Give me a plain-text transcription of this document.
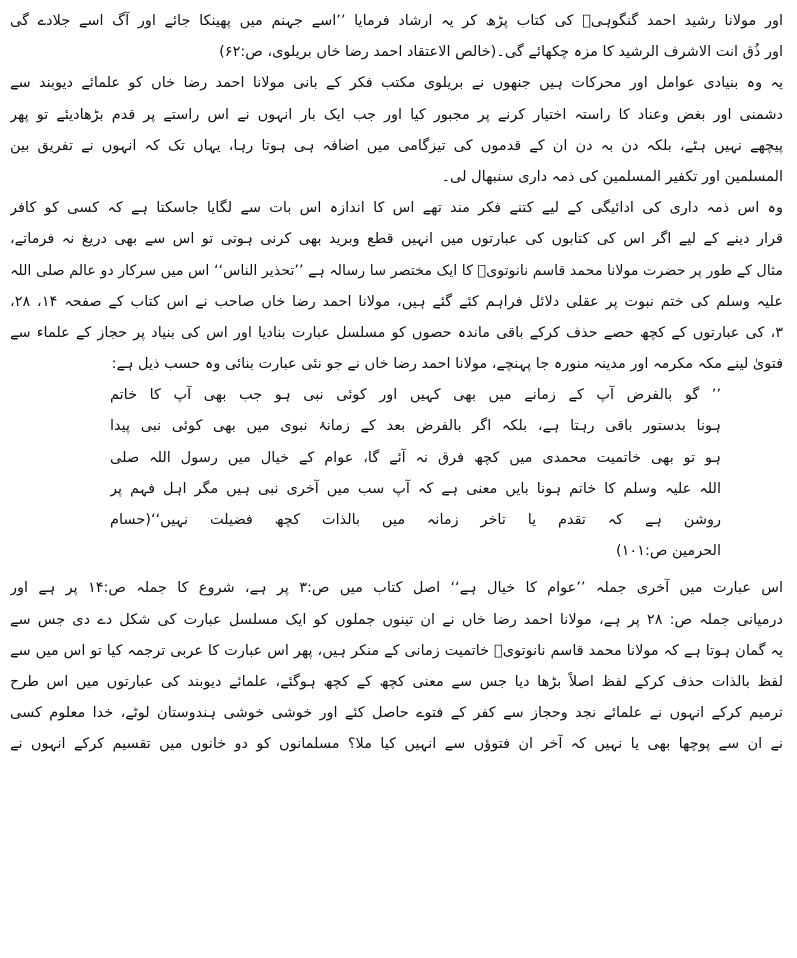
اور مولانا رشید احمد گنگوہیؒ کی کتاب پڑھ کر یہ ارشاد فرمایا ’’اسے جہنم میں پھینکا جائے اور آگ اسے جلادے گی
اور ذُق انت الاشرف الرشید کا مزہ چکھائے گی۔(خالص الاعتقاد احمد رضا خاں بریلوی، ص:۶۲)
یہ وہ بنیادی عوامل اور محرکات ہیں جنھوں نے بریلوی مکتب فکر کے بانی مولانا احمد رضا خاں کو علمائے دیوبند سے
دشمنی اور بغض وعناد کا راستہ اختیار کرنے پر مجبور کیا اور جب ایک بار انہوں نے اس راستے پر قدم بڑھادیئے تو پھر
پیچھے نہیں ہٹے، بلکہ دن بہ دن ان کے قدموں کی تیزگامی میں اضافہ ہی ہوتا رہا، یہاں تک کہ انہوں نے تفریق بین
المسلمین اور تکفیر المسلمین کی ذمہ داری سنبھال لی۔
وہ اس ذمہ داری کی ادائیگی کے لیے کتنے فکر مند تھے اس کا اندازہ اس بات سے لگایا جاسکتا ہے کہ کسی کو کافر
قرار دینے کے لیے اگر اس کی کتابوں کی عبارتوں میں انہیں قطع وبرید بھی کرنی ہوتی تو اس سے بھی دریغ نہ فرماتے،
مثال کے طور پر حضرت مولانا محمد قاسم نانوتویؒ کا ایک مختصر سا رسالہ ہے ’’تحذیر الناس‘‘ اس میں سرکار دو عالم صلی اللہ
علیہ وسلم کی ختم نبوت پر عقلی دلائل فراہم کئے گئے ہیں، مولانا احمد رضا خاں صاحب نے اس کتاب کے صفحہ ۱۴، ۲۸،
۳، کی عبارتوں کے کچھ حصے حذف کرکے باقی ماندہ حصوں کو مسلسل عبارت بنادیا اور اس کی بنیاد پر حجاز کے علماء سے
فتویٰ لینے مکہ مکرمہ اور مدینہ منورہ جا پہنچے، مولانا احمد رضا خاں نے جو نئی عبارت بنائی وہ حسب ذیل ہے:
’’ گو بالفرض آپ کے زمانے میں بھی کہیں اور کوئی نبی ہو جب بھی آپ کا خاتم
ہونا بدستور باقی رہتا ہے، بلکہ اگر بالفرض بعد کے زمانۂ نبوی میں بھی کوئی نبی پیدا
ہو تو بھی خاتمیت محمدی میں کچھ فرق نہ آئے گا، عوام کے خیال میں رسول اللہ صلی
اللہ علیہ وسلم کا خاتم ہونا بایں معنی ہے کہ آپ سب میں آخری نبی ہیں مگر اہل فہم پر
روشن ہے کہ تقدم یا تاخر زمانہ میں بالذات کچھ فضیلت نہیں‘‘(حسام
الحرمین ص:۱۰۱)
اس عبارت میں آخری جملہ ’’عوام کا خیال ہے‘‘ اصل کتاب میں ص:۳ پر ہے، شروع کا جملہ ص:۱۴ پر ہے اور
درمیانی جملہ ص: ۲۸ پر ہے، مولانا احمد رضا خاں نے ان تینوں جملوں کو ایک مسلسل عبارت کی شکل دے دی جس سے
یہ گمان ہوتا ہے کہ مولانا محمد قاسم نانوتویؒ خاتمیت زمانی کے منکر ہیں، پھر اس عبارت کا عربی ترجمہ کیا تو اس میں سے
لفظ بالذات حذف کرکے لفظ اصلاً بڑھا دیا جس سے معنی کچھ کے کچھ ہوگئے، علمائے دیوبند کی عبارتوں میں اس طرح
ترمیم کرکے انہوں نے علمائے نجد وحجاز سے کفر کے فتوے حاصل کئے اور خوشی خوشی ہندوستان لوٹے، خدا معلوم کسی
نے ان سے پوچھا بھی یا نہیں کہ آخر ان فتوؤں سے انہیں کیا ملا؟ مسلمانوں کو دو خانوں میں تقسیم کرکے انہوں نے
